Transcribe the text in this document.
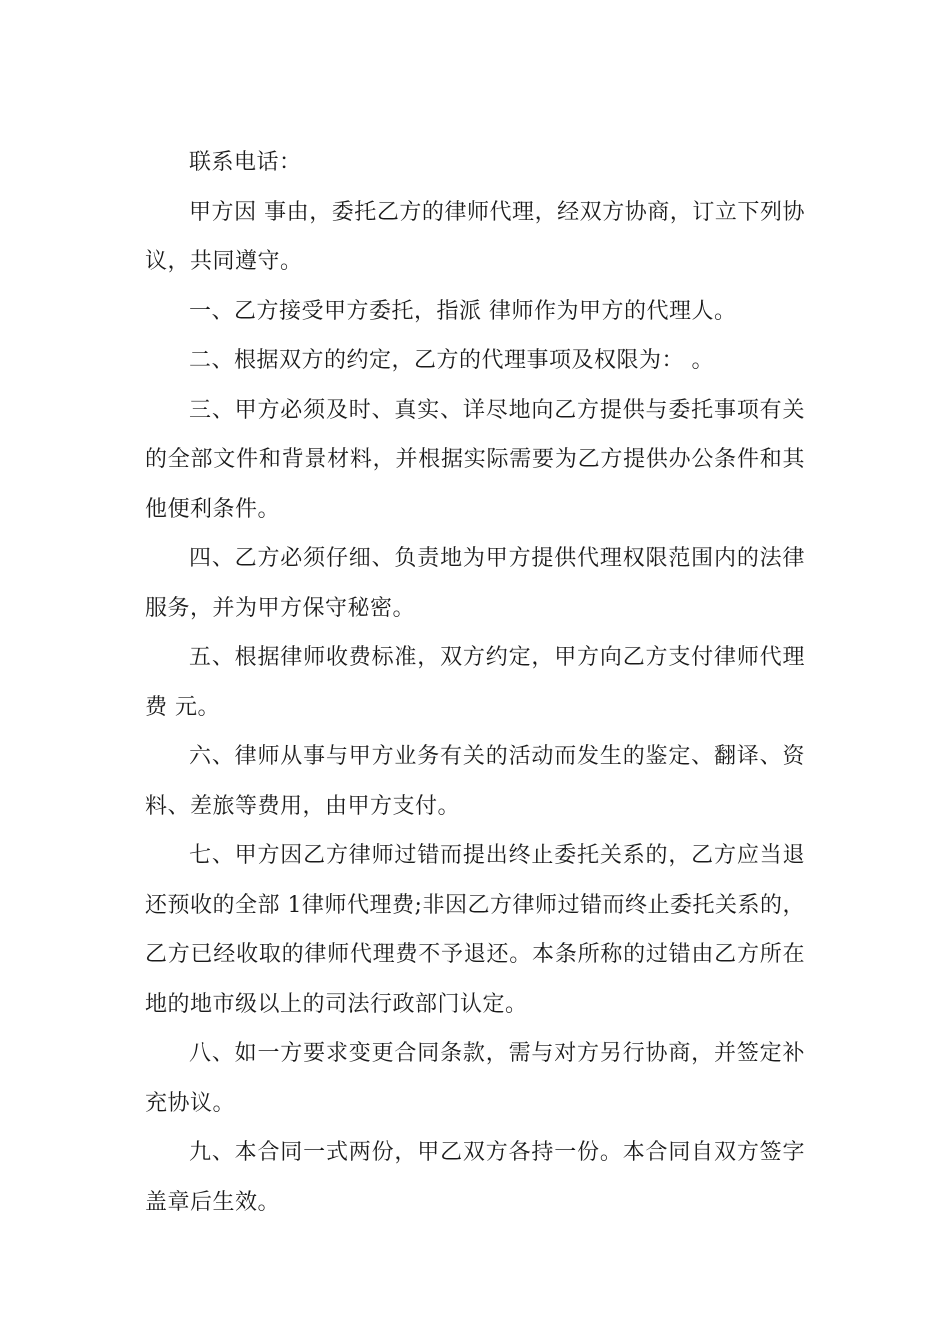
联系电话：

甲方因 事由，委托乙方的律师代理，经双方协商，订立下列协议，共同遵守。

一、乙方接受甲方委托，指派 律师作为甲方的代理人。

二、根据双方的约定，乙方的代理事项及权限为： 。

三、甲方必须及时、真实、详尽地向乙方提供与委托事项有关的全部文件和背景材料，并根据实际需要为乙方提供办公条件和其他便利条件。

四、乙方必须仔细、负责地为甲方提供代理权限范围内的法律服务，并为甲方保守秘密。

五、根据律师收费标准，双方约定，甲方向乙方支付律师代理费 元。

六、律师从事与甲方业务有关的活动而发生的鉴定、翻译、资料、差旅等费用，由甲方支付。

七、甲方因乙方律师过错而提出终止委托关系的，乙方应当退还预收的全部 1律师代理费;非因乙方律师过错而终止委托关系的，乙方已经收取的律师代理费不予退还。本条所称的过错由乙方所在地的地市级以上的司法行政部门认定。

八、如一方要求变更合同条款，需与对方另行协商，并签定补充协议。

九、本合同一式两份，甲乙双方各持一份。本合同自双方签字盖章后生效。
